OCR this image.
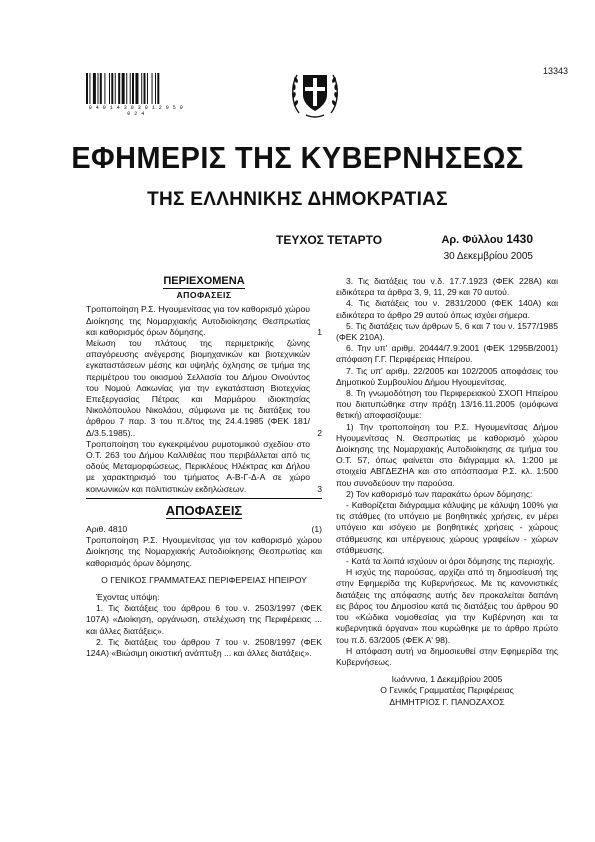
0 4 0 1 4 3 0 3 0 1 2 0 5 0 0 2 4
13343
ΕΦΗΜΕΡΙΣ ΤΗΣ ΚΥΒΕΡΝΗΣΕΩΣ
ΤΗΣ ΕΛΛΗΝΙΚΗΣ ΔΗΜΟΚΡΑΤΙΑΣ
ΤΕΥΧΟΣ ΤΕΤΑΡΤΟ	Αρ. Φύλλου 1430
30 Δεκεμβρίου 2005
ΠΕΡΙΕΧΟΜΕΝΑ
ΑΠΟΦΑΣΕΙΣ
Τροποποίηση Ρ.Σ. Ηγουμενίτσας για τον καθορισμό χώρου Διοίκησης της Νομαρχιακής Αυτοδιοίκησης Θεσπρωτίας και καθορισμός όρων δόμησης.	1
Μείωση του πλάτους της περιμετρικής ζώνης απαγόρευσης ανέγερσης βιομηχανικών και βιοτεχνικών εγκαταστάσεων μέσης και υψηλής όχλησης σε τμήμα της περιμέτρου του οικισμού Σελλασία του Δήμου Οινούντος του Νομού Λακωνίας για την εγκατάσταση Βιοτεχνίας Επεξεργασίας Πέτρας και Μαρμάρου ιδιοκτησίας Νικολόπουλου Νικολάου, σύμφωνα με τις διατάξεις του άρθρου 7 παρ. 3 του π.δ/τος της 24.4.1985 (ΦΕΚ 181/Δ/3.5.1985)..	2
Τροποποίηση του εγκεκριμένου ρυμοτομικού σχεδίου στο Ο.Τ. 263 του Δήμου Καλλιθέας που περιβάλλεται από τις οδούς Μεταμορφώσεως, Περικλέους Ηλέκτρας και Δήλου με χαρακτηρισμό του τμήματος Α-Β-Γ-Δ-Α σε χώρο κοινωνικών και πολιτιστικών εκδηλώσεων.	3
ΑΠΟΦΑΣΕΙΣ
Αριθ. 4810	(1)
Τροποποίηση Ρ.Σ. Ηγουμενίτσας για τον καθορισμό χώρου Διοίκησης της Νομαρχιακής Αυτοδιοίκησης Θεσπρωτίας και καθορισμός όρων δόμησης.
Ο ΓΕΝΙΚΟΣ ΓΡΑΜΜΑΤΕΑΣ ΠΕΡΙΦΕΡΕΙΑΣ ΗΠΕΙΡΟΥ
Έχοντας υπόψη:
1. Τις διατάξεις του άρθρου 6 του ν. 2503/1997 (ΦΕΚ 107Α) «Διοίκηση, οργάνωση, στελέχωση της Περιφέρειας ... και άλλες διατάξεις».
2. Τις διατάξεις του άρθρου 7 του ν. 2508/1997 (ΦΕΚ 124Α) «Βιώσιμη οικιστική ανάπτυξη ... και άλλες διατάξεις».
3. Τις διατάξεις του ν.δ. 17.7.1923 (ΦΕΚ 228Α) και ειδικότερα τα άρθρα 3, 9, 11, 29 και 70 αυτού.
4. Τις διατάξεις του ν. 2831/2000 (ΦΕΚ 140Α) και ειδικότερα το άρθρο 29 αυτού όπως ισχύει σήμερα.
5. Τις διατάξεις των άρθρων 5, 6 και 7 του ν. 1577/1985 (ΦΕΚ 210Α).
6. Την υπ' αριθμ. 20444/7.9.2001 (ΦΕΚ 1295Β/2001) απόφαση Γ.Γ. Περιφέρειας Ηπείρου.
7. Τις υπ' αριθμ. 22/2005 και 102/2005 αποφάσεις του Δημοτικού Συμβουλίου Δήμου Ηγουμενίτσας.
8. Τη γνωμοδότηση του Περιφερειακού ΣΧΟΠ Ηπείρου που διατυπώθηκε στην πράξη 13/16.11.2005 (ομόφωνα θετική) αποφασίζουμε:
1) Την τροποποίηση του Ρ.Σ. Ηγουμενίτσας Δήμου Ηγουμενίτσας Ν. Θεσπρωτίας με καθορισμό χώρου Διοίκησης της Νομαρχιακής Αυτοδιοίκησης σε τμήμα του Ο.Τ. 57, όπως φαίνεται στο διάγραμμα κλ. 1:200 με στοιχεία ΑΒΓΔΕΖΗΑ και στο απόσπασμα Ρ.Σ. κλ. 1:500 που συνοδεύουν την παρούσα.
2) Τον καθορισμό των παρακάτω όρων δόμησης:
- Καθορίζεται διάγραμμα κάλυψης με κάλυψη 100% για τις στάθμες (το υπόγειο με βοηθητικές χρήσεις, εν μέρει υπόγειο και ισόγειο με βοηθητικές χρήσεις - χώρους στάθμευσης και υπέργειους χώρους γραφείων - χώρων στάθμευσης.
- Κατά τα λοιπά ισχύουν οι όροι δόμησης της περιοχής.
Η ισχύς της παρούσας, αρχίζει από τη δημοσίευσή της στην Εφημερίδα της Κυβερνήσεως. Με τις κανονιστικές διατάξεις της απόφασης αυτής δεν προκαλείται δαπάνη εις βάρος του Δημοσίου κατά τις διατάξεις του άρθρου 90 του «Κώδικα νομοθεσίας για την Κυβέρνηση και τα κυβερνητικά όργανα» που κυρώθηκε με το άρθρο πρώτο του π.δ. 63/2005 (ΦΕΚ Α' 98).
Η απόφαση αυτή να δημοσιευθεί στην Εφημερίδα της Κυβερνήσεως.
Ιωάννινα, 1 Δεκεμβρίου 2005
Ο Γενικός Γραμματέας Περιφέρειας
ΔΗΜΗΤΡΙΟΣ Γ. ΠΑΝΟΖΑΧΟΣ
